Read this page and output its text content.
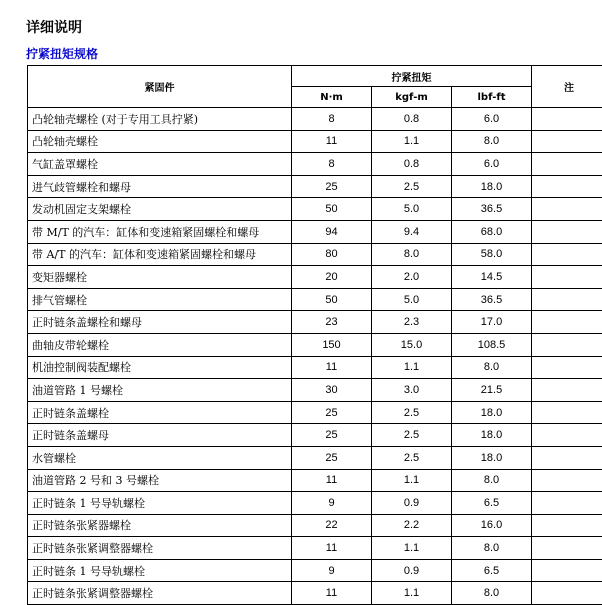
详细说明
拧紧扭矩规格
紧固件	拧紧扭矩			注
	N·m	kgf-m	lbf-ft	
凸轮轴壳螺栓 (对于专用工具拧紧)	8	0.8	6.0	
凸轮轴壳螺栓	11	1.1	8.0	
气缸盖罩螺栓	8	0.8	6.0	
进气歧管螺栓和螺母	25	2.5	18.0	
发动机固定支架螺栓	50	5.0	36.5	
带 M/T 的汽车：缸体和变速箱紧固螺栓和螺母	94	9.4	68.0	
带 A/T 的汽车：缸体和变速箱紧固螺栓和螺母	80	8.0	58.0	
变矩器螺栓	20	2.0	14.5	
排气管螺栓	50	5.0	36.5	
正时链条盖螺栓和螺母	23	2.3	17.0	
曲轴皮带轮螺栓	150	15.0	108.5	
机油控制阀装配螺栓	11	1.1	8.0	
油道管路 1 号螺栓	30	3.0	21.5	
正时链条盖螺栓	25	2.5	18.0	
正时链条盖螺母	25	2.5	18.0	
水管螺栓	25	2.5	18.0	
油道管路 2 号和 3 号螺栓	11	1.1	8.0	
正时链条 1 号导轨螺栓	9	0.9	6.5	
正时链条张紧器螺栓	22	2.2	16.0	
正时链条张紧调整器螺栓	11	1.1	8.0	
正时链条 1 号导轨螺栓	9	0.9	6.5	
正时链条张紧调整器螺栓	11	1.1	8.0	
